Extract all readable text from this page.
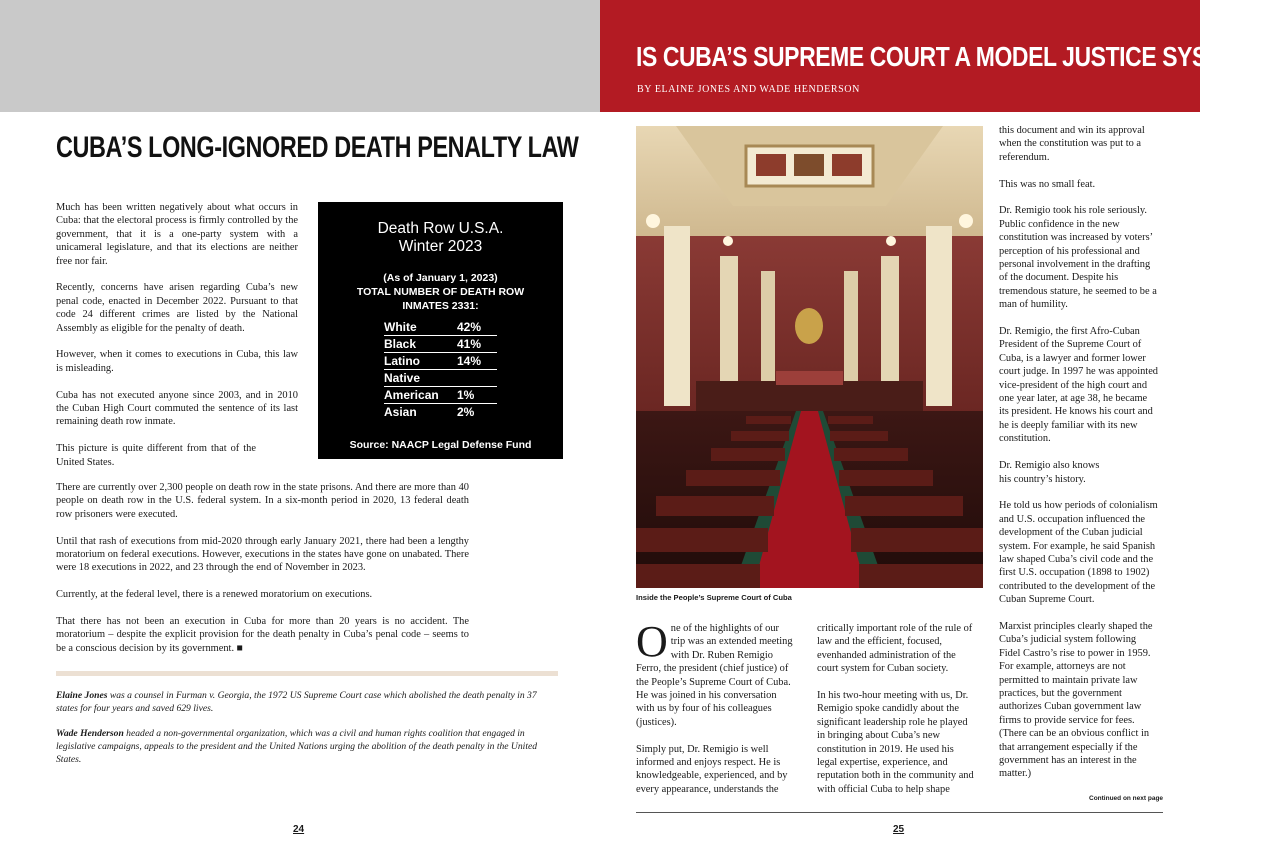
IS CUBA’S SUPREME COURT A MODEL JUSTICE SYSTEM?
BY ELAINE JONES AND WADE HENDERSON
CUBA’S LONG-IGNORED DEATH PENALTY LAW

Much has been written negatively about what occurs in Cuba: that the electoral process is firmly controlled by the government, that it is a one-party system with a unicameral legislature, and that its elections are neither free nor fair.

Recently, concerns have arisen regarding Cuba’s new penal code, enacted in December 2022. Pursuant to that code 24 different crimes are listed by the National Assembly as eligible for the penalty of death.

However, when it comes to executions in Cuba, this law is misleading.

Cuba has not executed anyone since 2003, and in 2010 the Cuban High Court commuted the sentence of its last remaining death row inmate.

This picture is quite different from that of the United States.

Death Row U.S.A.
Winter 2023
(As of January 1, 2023)
TOTAL NUMBER OF DEATH ROW
INMATES 2331:
White	42%
Black	41%
Latino	14%
Native
American	1%
Asian	2%
Source: NAACP Legal Defense Fund

There are currently over 2,300 people on death row in the state prisons. And there are more than 40 people on death row in the U.S. federal system. In a six-month period in 2020, 13 federal death row prisoners were executed.

Until that rash of executions from mid-2020 through early January 2021, there had been a lengthy moratorium on federal executions. However, executions in the states have gone on unabated. There were 18 executions in 2022, and 23 through the end of November in 2023.

Currently, at the federal level, there is a renewed moratorium on executions.

That there has not been an execution in Cuba for more than 20 years is no accident. The moratorium – despite the explicit provision for the death penalty in Cuba’s penal code – seems to be a conscious decision by its government. ■

Elaine Jones was a counsel in Furman v. Georgia, the 1972 US Supreme Court case which abolished the death penalty in 37 states for four years and saved 629 lives.

Wade Henderson headed a non-governmental organization, which was a civil and human rights coalition that engaged in legislative campaigns, appeals to the president and the United Nations urging the abolition of the death penalty in the United States.

24
Inside the People’s Supreme Court of Cuba

One of the highlights of our trip was an extended meeting with Dr. Ruben Remigio Ferro, the president (chief justice) of the People’s Supreme Court of Cuba. He was joined in his conversation with us by four of his colleagues (justices).

Simply put, Dr. Remigio is well informed and enjoys respect. He is knowledgeable, experienced, and by every appearance, understands the

critically important role of the rule of law and the efficient, focused, evenhanded administration of the court system for Cuban society.

In his two-hour meeting with us, Dr. Remigio spoke candidly about the significant leadership role he played in bringing about Cuba’s new constitution in 2019. He used his legal expertise, experience, and reputation both in the community and with official Cuba to help shape

this document and win its approval when the constitution was put to a referendum.

This was no small feat.

Dr. Remigio took his role seriously. Public confidence in the new constitution was increased by voters’ perception of his professional and personal involvement in the drafting of the document. Despite his tremendous stature, he seemed to be a man of humility.

Dr. Remigio, the first Afro-Cuban President of the Supreme Court of Cuba, is a lawyer and former lower court judge. In 1997 he was appointed vice-president of the high court and one year later, at age 38, he became its president. He knows his court and he is deeply familiar with its new constitution.

Dr. Remigio also knows his country’s history.

He told us how periods of colonialism and U.S. occupation influenced the development of the Cuban judicial system. For example, he said Spanish law shaped Cuba’s civil code and the first U.S. occupation (1898 to 1902) contributed to the development of the Cuban Supreme Court.

Marxist principles clearly shaped the Cuba’s judicial system following Fidel Castro’s rise to power in 1959. For example, attorneys are not permitted to maintain private law practices, but the government authorizes Cuban government law firms to provide service for fees. (There can be an obvious conflict in that arrangement especially if the government has an interest in the matter.)

Continued on next page
25
